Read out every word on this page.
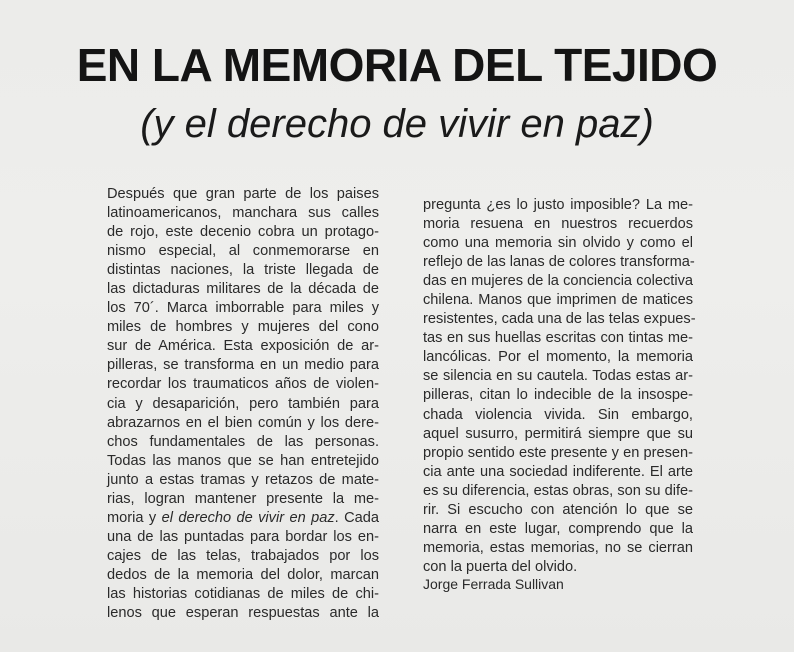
EN LA MEMORIA DEL TEJIDO
(y el derecho de vivir en paz)
Después que gran parte de los paises
latinoamericanos, manchara sus calles
de rojo, este decenio cobra un protago-
nismo especial, al conmemorarse en
distintas naciones, la triste llegada de
las dictaduras militares de la década de
los 70´. Marca imborrable para miles y
miles de hombres y mujeres del cono
sur de América. Esta exposición de ar-
pilleras, se transforma en un medio para
recordar los traumaticos años de violen-
cia y desaparición, pero también para
abrazarnos en el bien común y los dere-
chos fundamentales de las personas.
Todas las manos que se han entretejido
junto a estas tramas y retazos de mate-
rias, logran mantener presente la me-
moria y el derecho de vivir en paz. Cada
una de las puntadas para bordar los en-
cajes de las telas, trabajados por los
dedos de la memoria del dolor, marcan
las historias cotidianas de miles de chi-
lenos que esperan respuestas ante la
pregunta ¿es lo justo imposible? La me-
moria resuena en nuestros recuerdos
como una memoria sin olvido y como el
reflejo de las lanas de colores transforma-
das en mujeres de la conciencia colectiva
chilena. Manos que imprimen de matices
resistentes, cada una de las telas expues-
tas en sus huellas escritas con tintas me-
lancólicas. Por el momento, la memoria
se silencia en su cautela. Todas estas ar-
pilleras, citan lo indecible de la insospe-
chada violencia vivida. Sin embargo,
aquel susurro, permitirá siempre que su
propio sentido este presente y en presen-
cia ante una sociedad indiferente. El arte
es su diferencia, estas obras, son su dife-
rir. Si escucho con atención lo que se
narra en este lugar, comprendo que la
memoria, estas memorias, no se cierran
con la puerta del olvido.
Jorge Ferrada Sullivan
